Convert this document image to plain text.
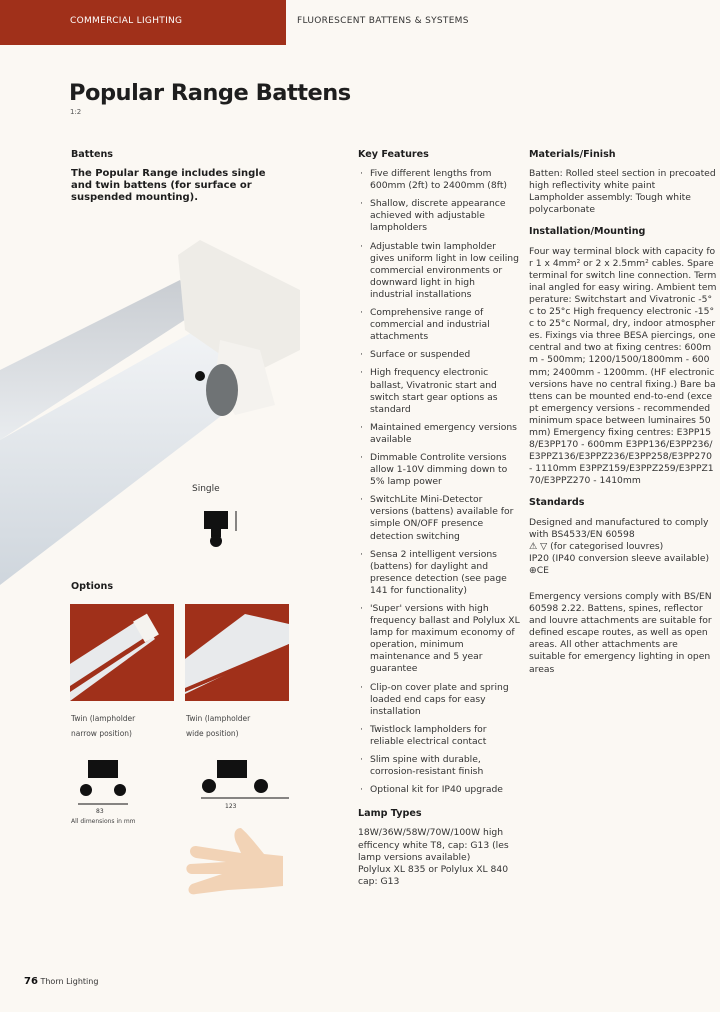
COMMERCIAL LIGHTING	FLUORESCENT BATTENS & SYSTEMS
Popular Range Battens
1:2
Battens
The Popular Range includes single and twin battens (for surface or suspended mounting).
Single
Options
Twin (lampholder
narrow position)
Twin (lampholder
wide position)
83
123
All dimensions in mm
Key Features
· Five different lengths from 600mm (2ft) to 2400mm (8ft)
· Shallow, discrete appearance achieved with adjustable lampholders
· Adjustable twin lampholder gives uniform light in low ceiling commercial environments or downward light in high industrial installations
· Comprehensive range of commercial and industrial attachments
· Surface or suspended
· High frequency electronic ballast, Vivatronic start and switch start gear options as standard
· Maintained emergency versions available
· Dimmable Controlite versions allow 1-10V dimming down to 5% lamp power
· SwitchLite Mini-Detector versions (battens) available for simple ON/OFF presence detection switching
· Sensa 2 intelligent versions (battens) for daylight and presence detection (see page 141 for functionality)
· 'Super' versions with high frequency ballast and Polylux XL lamp for maximum economy of operation, minimum maintenance and 5 year guarantee
· Clip-on cover plate and spring loaded end caps for easy installation
· Twistlock lampholders for reliable electrical contact
· Slim spine with durable, corrosion-resistant finish
· Optional kit for IP40 upgrade
Lamp Types
18W/36W/58W/70W/100W high efficency white T8, cap: G13 (les lamp versions available)
Polylux XL 835 or Polylux XL 840 cap: G13
Materials/Finish
Batten: Rolled steel section in precoated high reflectivity white paint

Lampholder assembly: Tough white polycarbonate

Installation/Mounting

Four way terminal block with capacity for 1 x 4mm² or 2 x 2.5mm² cables. Spare terminal for switch line connection. Terminal angled for easy wiring. Ambient temperature: Switchstart and Vivatronic -5°c to 25°c High frequency electronic -15°c to 25°c Normal, dry, indoor atmospheres. Fixings via three BESA piercings, one central and two at fixing centres: 600mm - 500mm; 1200/1500/1800mm - 600mm; 2400mm - 1200mm. (HF electronic versions have no central fixing.) Bare battens can be mounted end-to-end (except emergency versions - recommended minimum space between luminaires 50mm) Emergency fixing centres: E3PP158/E3PP170 - 600mm E3PP136/E3PP236/E3PPZ136/E3PPZ236/E3PP258/E3PP270 - 1110mm E3PPZ159/E3PPZ259/E3PPZ170/E3PPZ270 - 1410mm

Standards
Designed and manufactured to comply with BS4533/EN 60598
⚠ ▽ (for categorised louvres)
IP20 (IP40 conversion sleeve available)

⊕CE

Emergency versions comply with BS/EN 60598 2.22. Battens, spines, reflector and louvre attachments are suitable for defined escape routes, as well as open areas. All other attachments are suitable for emergency lighting in open areas
76 Thorn Lighting
